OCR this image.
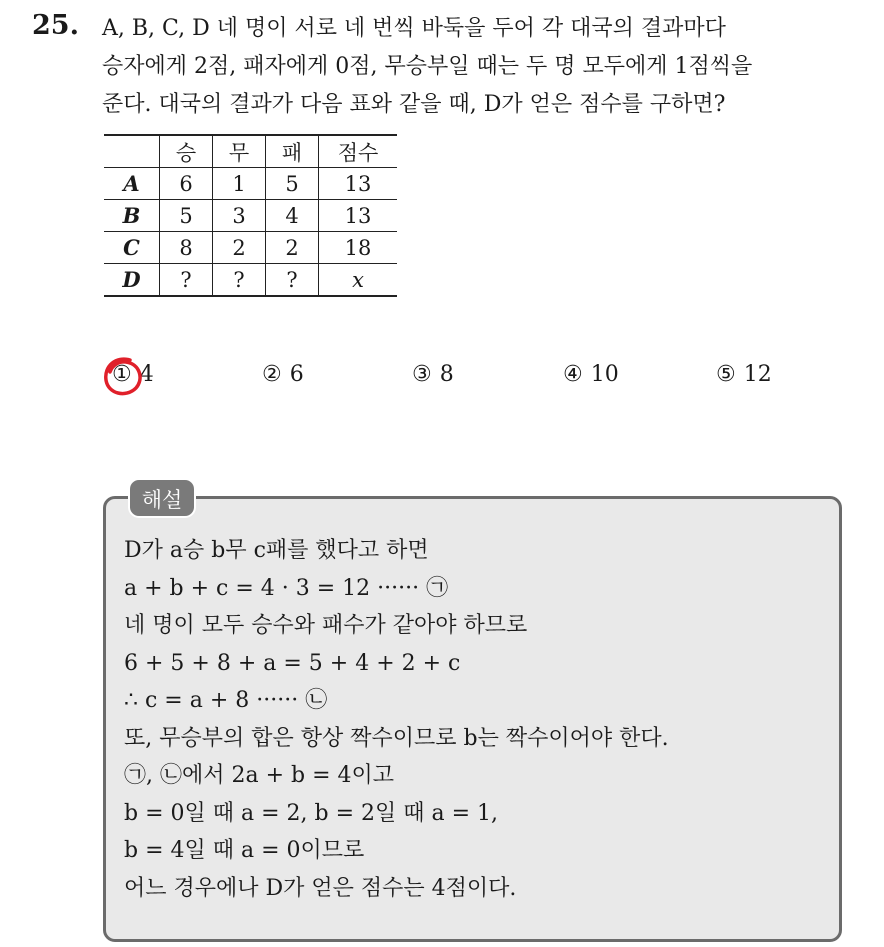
25. A, B, C, D 네 명이 서로 네 번씩 바둑을 두어 각 대국의 결과마다
승자에게 2점, 패자에게 0점, 무승부일 때는 두 명 모두에게 1점씩을
준다. 대국의 결과가 다음 표와 같을 때, D가 얻은 점수를 구하면?
	승	무	패	점수
A	6	1	5	13
B	5	3	4	13
C	8	2	2	18
D	?	?	?	x
① 4	② 6	③ 8	④ 10	⑤ 12
해설
D가 a승 b무 c패를 했다고 하면
a + b + c = 4 · 3 = 12 ······ ㉠
네 명이 모두 승수와 패수가 같아야 하므로
6 + 5 + 8 + a = 5 + 4 + 2 + c
∴ c = a + 8 ······ ㉡
또, 무승부의 합은 항상 짝수이므로 b는 짝수이어야 한다.
㉠, ㉡에서 2a + b = 4이고
b = 0일 때 a = 2, b = 2일 때 a = 1,
b = 4일 때 a = 0이므로
어느 경우에나 D가 얻은 점수는 4점이다.
